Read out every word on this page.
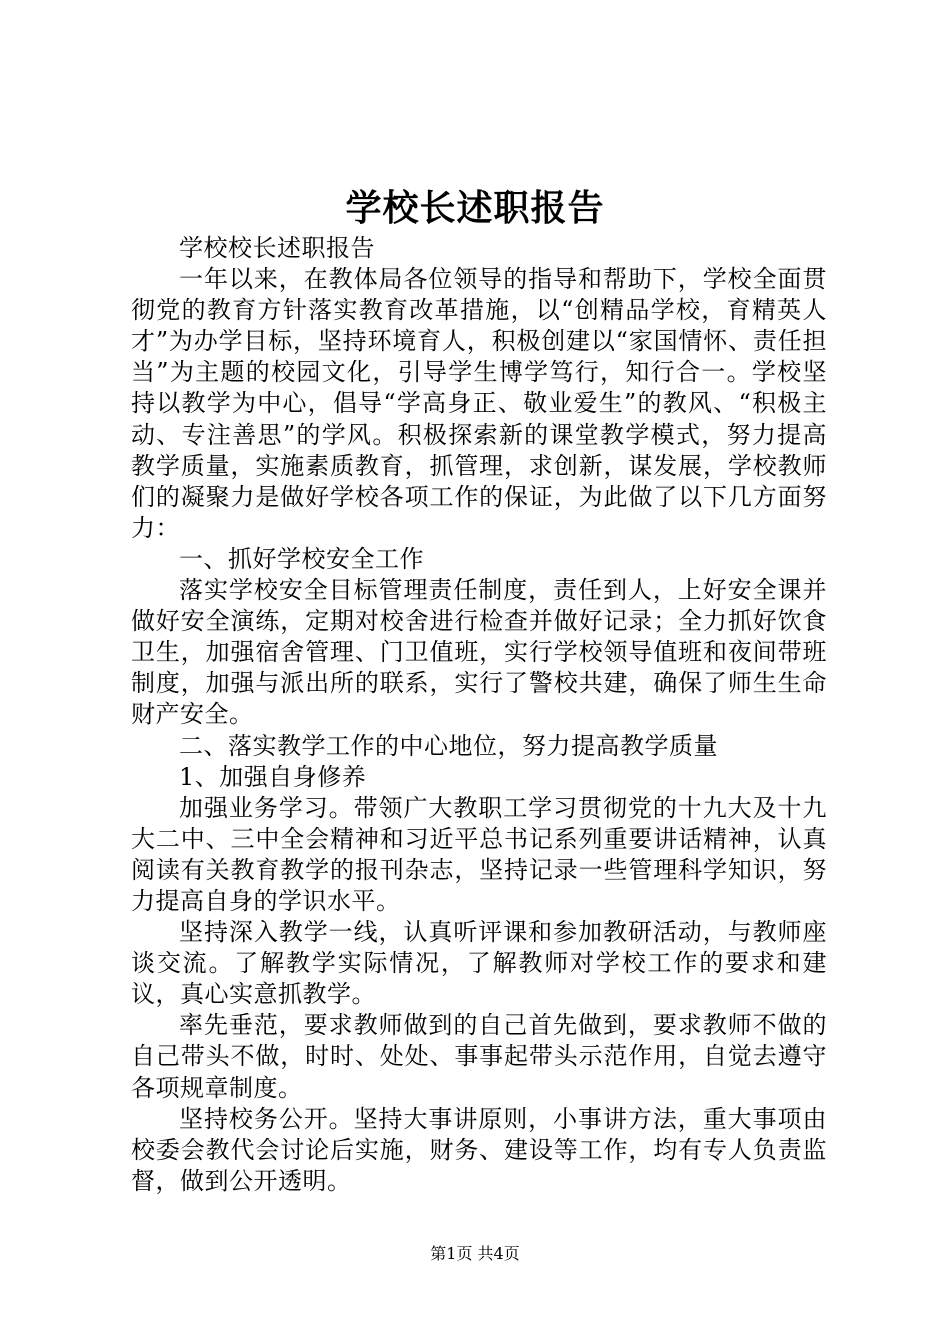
学校长述职报告

学校校长述职报告

一年以来，在教体局各位领导的指导和帮助下，学校全面贯彻党的教育方针落实教育改革措施，以“创精品学校，育精英人才”为办学目标，坚持环境育人，积极创建以“家国情怀、责任担当”为主题的校园文化，引导学生博学笃行，知行合一。学校坚持以教学为中心，倡导“学高身正、敬业爱生”的教风、“积极主动、专注善思”的学风。积极探索新的课堂教学模式，努力提高教学质量，实施素质教育，抓管理，求创新，谋发展，学校教师们的凝聚力是做好学校各项工作的保证，为此做了以下几方面努力：

一、抓好学校安全工作

落实学校安全目标管理责任制度，责任到人，上好安全课并做好安全演练，定期对校舍进行检查并做好记录；全力抓好饮食卫生，加强宿舍管理、门卫值班，实行学校领导值班和夜间带班制度，加强与派出所的联系，实行了警校共建，确保了师生生命财产安全。

二、落实教学工作的中心地位，努力提高教学质量

1、加强自身修养

加强业务学习。带领广大教职工学习贯彻党的十九大及十九大二中、三中全会精神和习近平总书记系列重要讲话精神，认真阅读有关教育教学的报刊杂志，坚持记录一些管理科学知识，努力提高自身的学识水平。

坚持深入教学一线，认真听评课和参加教研活动，与教师座谈交流。了解教学实际情况，了解教师对学校工作的要求和建议，真心实意抓教学。

率先垂范，要求教师做到的自己首先做到，要求教师不做的自己带头不做，时时、处处、事事起带头示范作用，自觉去遵守各项规章制度。

坚持校务公开。坚持大事讲原则，小事讲方法，重大事项由校委会教代会讨论后实施，财务、建设等工作，均有专人负责监督，做到公开透明。

第1页 共4页
